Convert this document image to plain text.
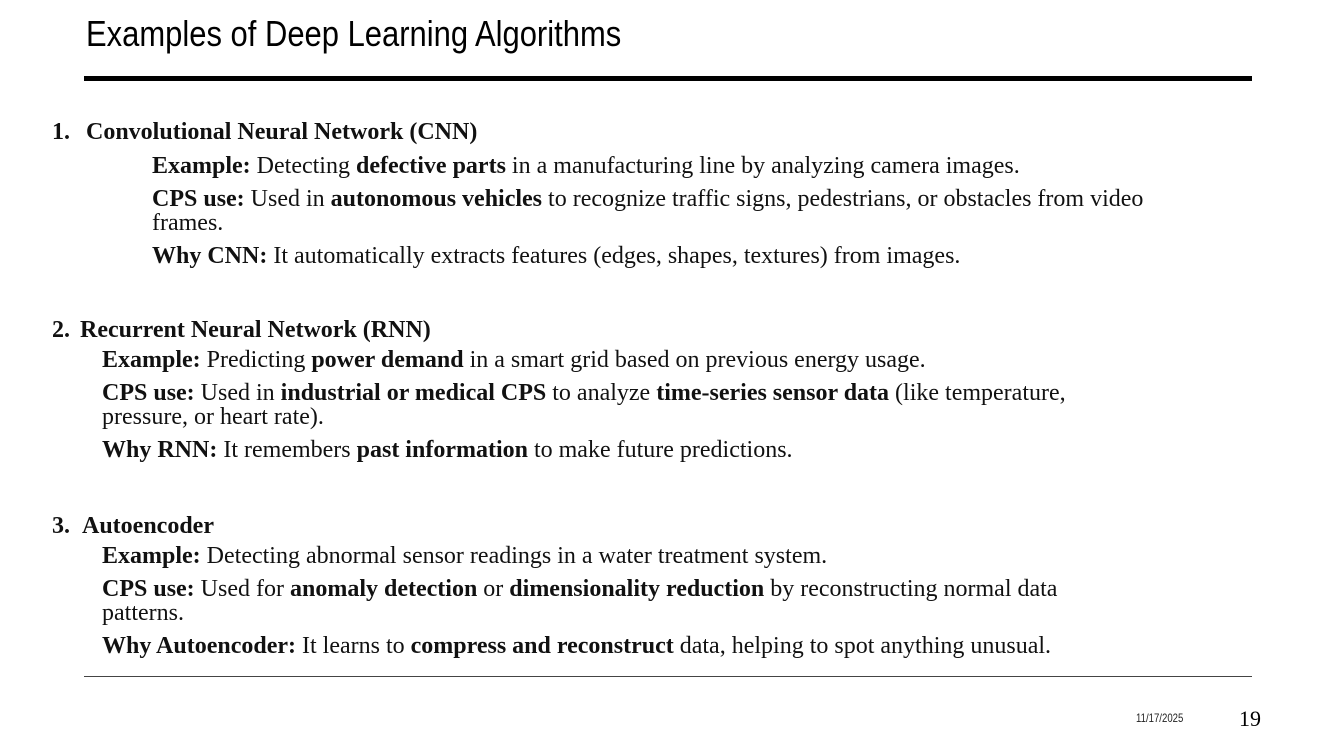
Examples of Deep Learning Algorithms

1. Convolutional Neural Network (CNN)

Example: Detecting defective parts in a manufacturing line by analyzing camera images.

CPS use: Used in autonomous vehicles to recognize traffic signs, pedestrians, or obstacles from video frames.

Why CNN: It automatically extracts features (edges, shapes, textures) from images.

2. Recurrent Neural Network (RNN)

Example: Predicting power demand in a smart grid based on previous energy usage.

CPS use: Used in industrial or medical CPS to analyze time-series sensor data (like temperature, pressure, or heart rate).

Why RNN: It remembers past information to make future predictions.

3. Autoencoder

Example: Detecting abnormal sensor readings in a water treatment system.

CPS use: Used for anomaly detection or dimensionality reduction by reconstructing normal data patterns.

Why Autoencoder: It learns to compress and reconstruct data, helping to spot anything unusual.

11/17/2025	19
